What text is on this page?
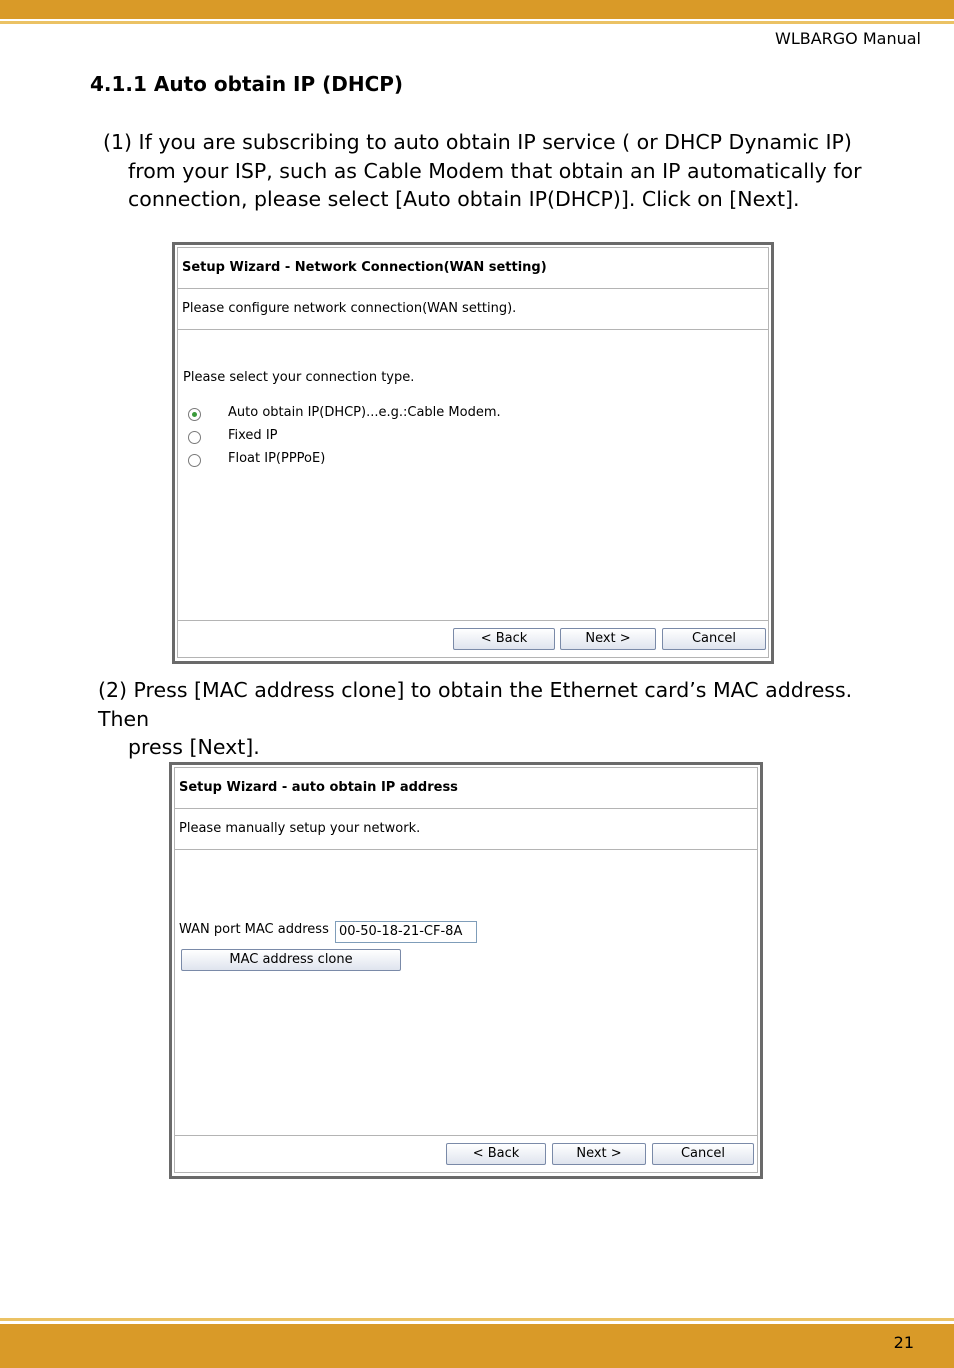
WLBARGO Manual
4.1.1 Auto obtain IP (DHCP)
(1) If you are subscribing to auto obtain IP service ( or DHCP Dynamic IP)
from your ISP, such as Cable Modem that obtain an IP automatically for
connection, please select [Auto obtain IP(DHCP)]. Click on [Next].
Setup Wizard - Network Connection(WAN setting)
Please configure network connection(WAN setting).
Please select your connection type.
Auto obtain IP(DHCP)...e.g.:Cable Modem.
Fixed IP
Float IP(PPPoE)
< Back	Next >	Cancel
(2) Press [MAC address clone] to obtain the Ethernet card’s MAC address. Then
press [Next].
Setup Wizard - auto obtain IP address
Please manually setup your network.
WAN port MAC address 00-50-18-21-CF-8A
MAC address clone
< Back	Next >	Cancel
21
